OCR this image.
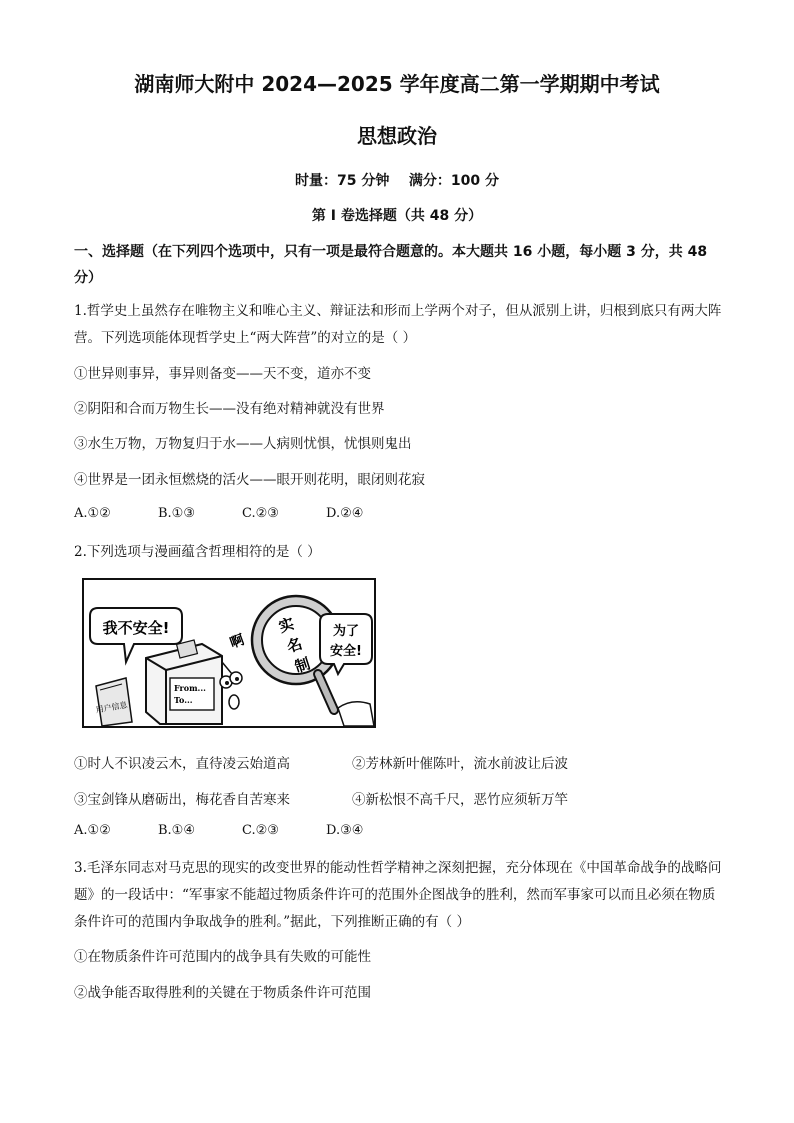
湖南师大附中 2024—2025 学年度高二第一学期期中考试
思想政治
时量：75 分钟    满分：100 分
第 I 卷选择题（共 48 分）
一、选择题（在下列四个选项中，只有一项是最符合题意的。本大题共 16 小题，每小题 3 分，共 48 分）
1.哲学史上虽然存在唯物主义和唯心主义、辩证法和形而上学两个对子，但从派别上讲，归根到底只有两大阵营。下列选项能体现哲学史上“两大阵营”的对立的是（ ）
①世异则事异，事异则备变——天不变，道亦不变
②阴阳和合而万物生长——没有绝对精神就没有世界
③水生万物，万物复归于水——人病则忧惧，忧惧则鬼出
④世界是一团永恒燃烧的活火——眼开则花明，眼闭则花寂
A.①②	B.①③	C.②③	D.②④
2.下列选项与漫画蕴含哲理相符的是（ ）
我不安全!
用户信息
From...
To...
啊
实
名
制
为了
安全!
①时人不识凌云木，直待凌云始道高	②芳林新叶催陈叶，流水前波让后波
③宝剑锋从磨砺出，梅花香自苦寒来	④新松恨不高千尺，恶竹应须斩万竿
A.①②	B.①④	C.②③	D.③④
3.毛泽东同志对马克思的现实的改变世界的能动性哲学精神之深刻把握，充分体现在《中国革命战争的战略问题》的一段话中：“军事家不能超过物质条件许可的范围外企图战争的胜利，然而军事家可以而且必须在物质条件许可的范围内争取战争的胜利。”据此，下列推断正确的有（ ）
①在物质条件许可范围内的战争具有失败的可能性
②战争能否取得胜利的关键在于物质条件许可范围
